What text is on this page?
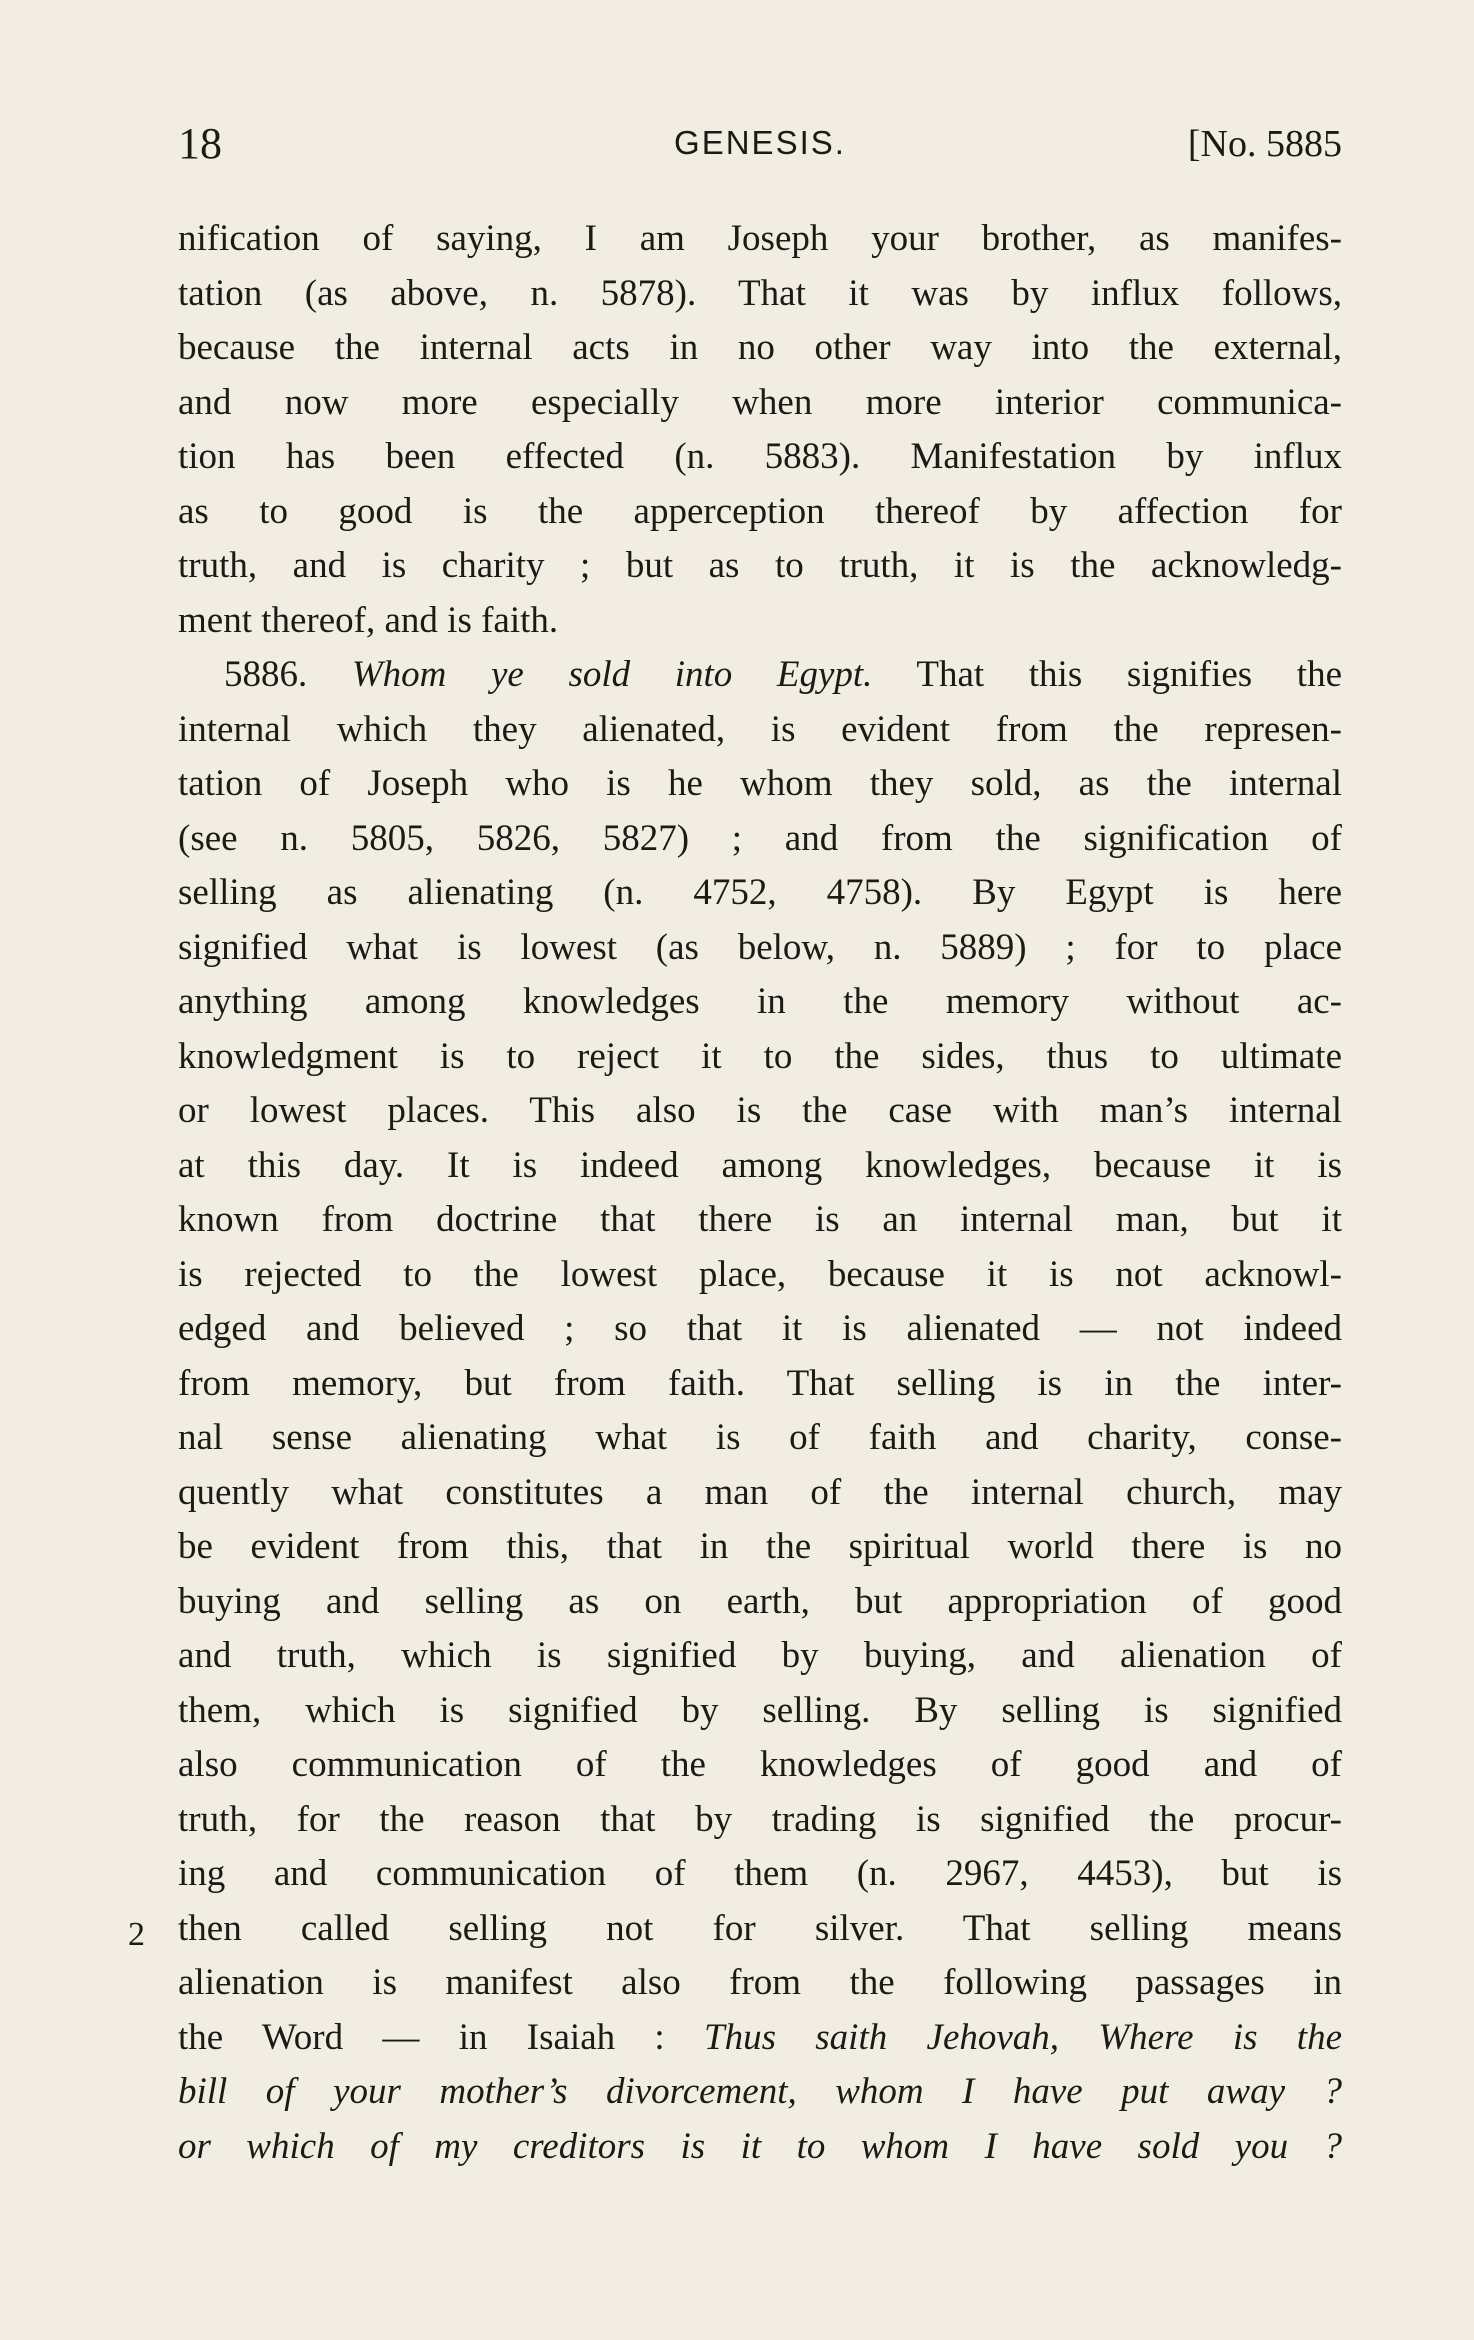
18	GENESIS.	[No. 5885
2
nification of saying, I am Joseph your brother, as manifes-
tation (as above, n. 5878). That it was by influx follows,
because the internal acts in no other way into the external,
and now more especially when more interior communica-
tion has been effected (n. 5883). Manifestation by influx
as to good is the apperception thereof by affection for
truth, and is charity ; but as to truth, it is the acknowledg-
ment thereof, and is faith.
5886. Whom ye sold into Egypt. That this signifies the
internal which they alienated, is evident from the represen-
tation of Joseph who is he whom they sold, as the internal
(see n. 5805, 5826, 5827) ; and from the signification of
selling as alienating (n. 4752, 4758). By Egypt is here
signified what is lowest (as below, n. 5889) ; for to place
anything among knowledges in the memory without ac-
knowledgment is to reject it to the sides, thus to ultimate
or lowest places. This also is the case with man’s internal
at this day. It is indeed among knowledges, because it is
known from doctrine that there is an internal man, but it
is rejected to the lowest place, because it is not acknowl-
edged and believed ; so that it is alienated — not indeed
from memory, but from faith. That selling is in the inter-
nal sense alienating what is of faith and charity, conse-
quently what constitutes a man of the internal church, may
be evident from this, that in the spiritual world there is no
buying and selling as on earth, but appropriation of good
and truth, which is signified by buying, and alienation of
them, which is signified by selling. By selling is signified
also communication of the knowledges of good and of
truth, for the reason that by trading is signified the procur-
ing and communication of them (n. 2967, 4453), but is
then called selling not for silver. That selling means
alienation is manifest also from the following passages in
the Word — in Isaiah : Thus saith Jehovah, Where is the
bill of your mother’s divorcement, whom I have put away ?
or which of my creditors is it to whom I have sold you ?
